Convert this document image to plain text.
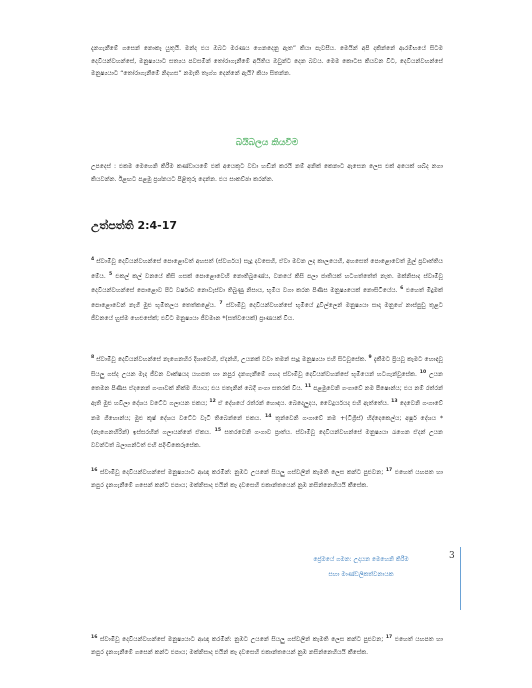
දැනගැනීමේ ගසෙන් නොකෑ යුතුයි. මන්ද එය ඔබට මරණය ගෙනදෙනු ඇත” කියා පැවසීය. මෙයින් අපි දකින්නේ ආරම්භයේ සිටම දෙවියන්වහන්සේ, මනුෂ්‍යයාට සත්‍යය පවසමින් තෝරාගැනීමේ අයිතිය ඔවුන්ට දෙන බවය. මෙම කොටස කියවන විට, දෙවියන්වහන්සේ මනුෂ්‍යයාට “තෝරාගැනීමේ නිදහස” නමැති තෑග්ග දෙන්නේ ඇයි? කියා සිතන්න.

බයිබලය කියවීම

උපදෙස් : එකම මෙහෙනි කිරීම කණ්ඩායමේ එක් අයෙකුට වඩා හඬින් කරයි නම් අනික් කෙනාට ඇසෙන ලෙස එක් අයෙක් ශබ්ද නගා කියවන්න. ඊළඟට පළමු ප්‍රශ්නයට පිළිතුරු දෙන්න. එය සාකච්ඡා කරන්න.

උත්පත්ති 2:4-17

$^4$ ස්වාමිවූ දෙවියන්වහන්සේ පොළොවත් අහසත් (ස්වර්ගය) සෑදූ දවසෙහි, ඒවා මවන ලද කාලයෙහි, අහසෙත් පොළොවෙත් මූල් ප්‍රවෘත්තිය මේය. $^5$ එකල් කල් වනයේ කිසි ගසක් පොළොවෙහි නොතිබුණේය, වනයේ කිසි පලා ජාතියක් හටගත්තේත් නැත. මක්නිසාද ස්වාමිවූ දෙවියන්වහන්සේ පොළොව පිට වර්ෂාව නොවැස්වා තිබුණු නිසාය, භූමිය වගා කරන පිණිස මනුෂ්‍යයෙක් නොසිටියේය. $^6$ එහෙත් මීදුමක් පොළොවෙන් නැගී මුළු භූමිතලය තෙත්කළේය. $^7$ ස්වාමිවූ දෙවියන්වහන්සේ භූමියේ දූවිල්ලෙන් මනුෂ්‍යයා සාදා මනුගේ නාස්පුඩු තුළට ජීවනයේ හුස්ම හෙළුසේක්; එවිට මනුෂ්‍යයා ජීවමාන *(සත්වයෙක්) ප්‍රාණයක් විය.

$^8$ ස්වාමිවූ දෙවියන්වහන්සේ නැගෙනහිර දිශාවෙහි, ඒදන්හි, උයනක් වවා තමන් සෑදූ මනුෂ්‍යයා එහි සිටවූසේක. $^9$ දැකීමට ප්‍රියවූ කෑමට හොඳවූ සියලු ගස්ද උයන මැද ජීවන වෘක්ෂයද යහපත හා නපුර දැනගැනීමේ ගහද ස්වාමිවූ දෙවියන්වහන්සේ භූමියෙන් හටගැන්වූසේක. $^{10}$ උයන තෙමන පිණිස ඒදනෙන් ගංගාවක් නික්ම ගියාය; එය එතැනින් බෙදී ගංගා සතරක් විය. $^{11}$ පළමුවෙනි ගංගාවේ නම පීෂොන්ය; එය නම් රත්රන් ඇති මුළු හවිලා දේශය වටේට ගලායන එකය; $^{12}$ ඒ දේශයේ රත්රන් හොඳය. බෙදෙලුදය, වෛදූර්යයද එහි ඇත්තේය. $^{13}$ දෙවෙනි ගංගාවේ නම ගීහොන්ය; මුළු කූෂ් දේශය වටේට වැටී තිබෙන්නේ එකය. $^{14}$ තුන්වෙනි ගංගාවේ නම +(ටීග්‍රිස්) හිද්දෙකෙල්ය; අෂූර් දේශය *(නැගෙනහිරින්) ඉස්සරහින් ගලායන්නේ ඒකය. $^{15}$ සතරවෙනි ගංගාව ප්‍රාත්ය. ස්වාමිවූ දෙවියන්වහන්සේ මනුෂ්‍යයා රැගෙන ඒදන් උයන වවන්ටත් බලාගන්ටත් එහි පදිංචිකෙරූසේක.

$^{16}$ ස්වාමිවූ දෙවියන්වහන්සේ මනුෂ්‍යයාට ආඥා කරමින්: නුඹට උයනේ සියලු ගස්වලින් කැමති ලෙස කන්ට පුළුවන; $^{17}$ එහෙත් යහපත හා නපුර දැනගැනීමේ ගසෙන් කන්ට එපාය; මක්නිසාද එයින් කෑ දවසෙහි එකාන්තයෙන් නුඹ නසින්නෙහියයි කීසේක.

ප්‍රේමයේ ගමන: උදායන මෙහෙනි කිරීම
සහා මාණ්ඩලිකත්වනායක
3

$^{16}$ ස්වාමිවූ දෙවියන්වහන්සේ මනුෂ්‍යයාට ආඥා කරමින්: නුඹට උයනේ සියලු ගස්වලින් කැමති ලෙස කන්ට පුළුවන; $^{17}$ එහෙත් යහපත හා නපුර දැනගැනීමේ ගසෙන් කන්ට එපාය; මක්නිසාද එයින් කෑ දවසෙහි එකාන්තයෙන් නුඹ නසින්නෙහියයි කීසේක.
